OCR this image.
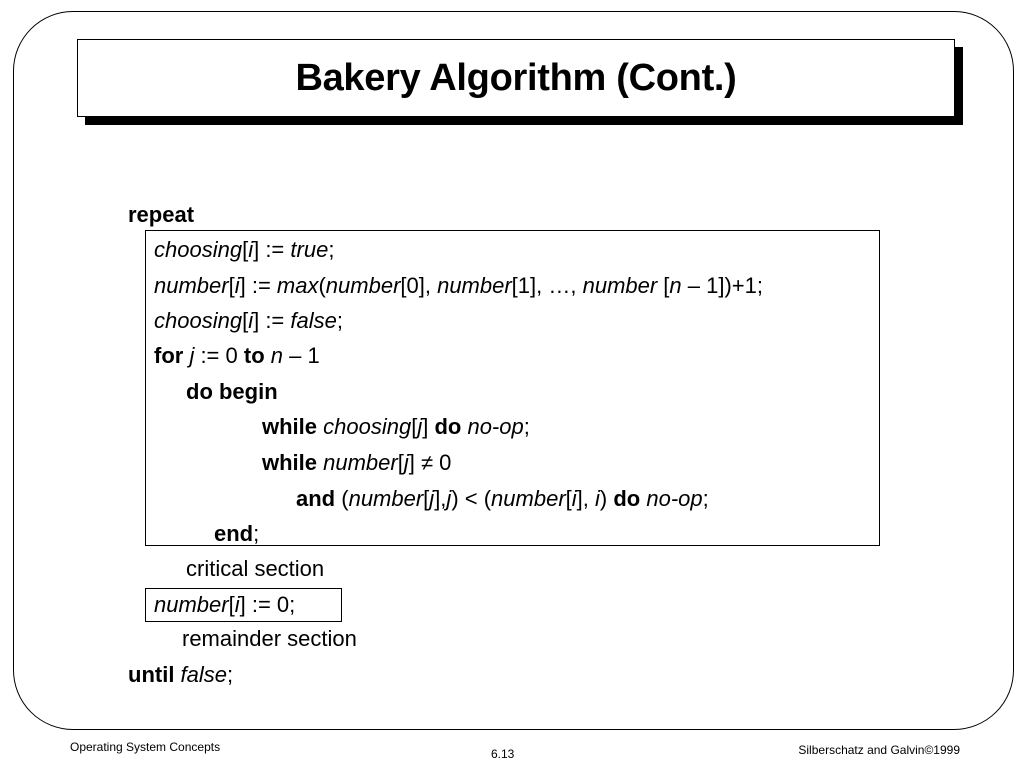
Bakery Algorithm (Cont.)
repeat
choosing[i] := true;
number[i] := max(number[0], number[1], …, number [n – 1])+1;
choosing[i] := false;
for j := 0 to n – 1
do begin
while choosing[j] do no-op;
while number[j] ≠ 0
and (number[j],j) < (number[i], i) do no-op;
end;
critical section
number[i] := 0;
remainder section
until false;
Operating System Concepts	6.13	Silberschatz and Galvin©1999
